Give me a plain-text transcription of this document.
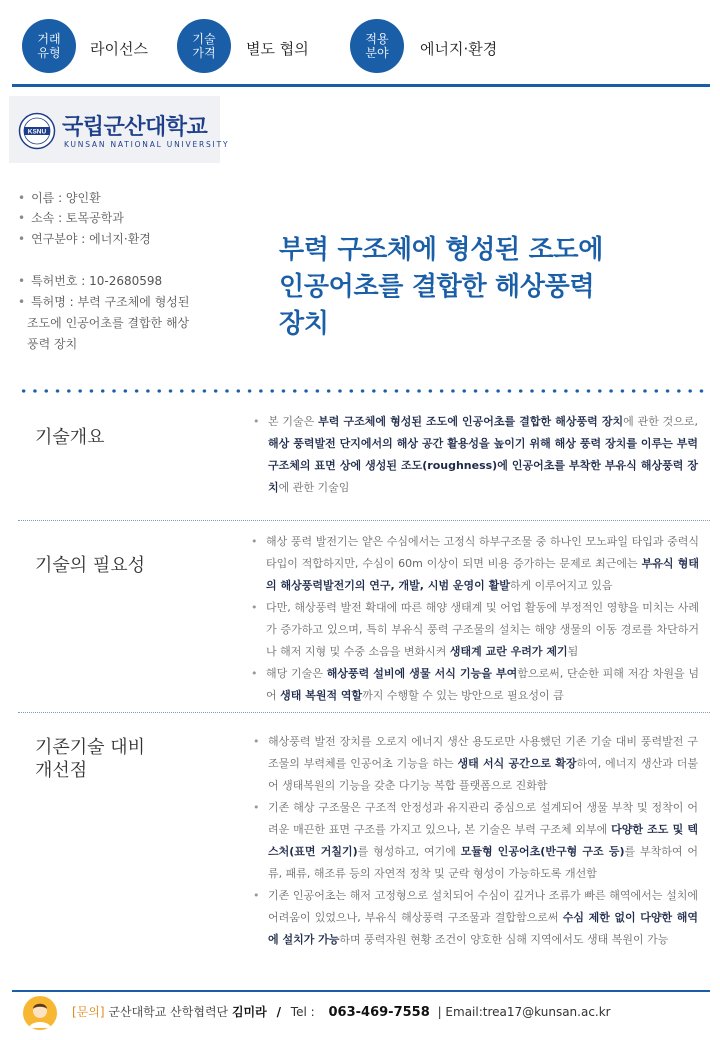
거래
유형	라이선스
기술
가격	별도 협의
적용
분야	에너지·환경
KSNU 국립군산대학교
KUNSAN NATIONAL UNIVERSITY
• 이름 : 양인환
• 소속 : 토목공학과
• 연구분야 : 에너지·환경
• 특허번호 : 10-2680598
• 특허명 : 부력 구조체에 형성된
조도에 인공어초를 결합한 해상
풍력 장치
부력 구조체에 형성된 조도에
인공어초를 결합한 해상풍력
장치
기술개요
• 본 기술은 부력 구조체에 형성된 조도에 인공어초를 결합한 해상풍력 장치에 관한 것으로, 해상 풍력발전 단지에서의 해상 공간 활용성을 높이기 위해 해상 풍력 장치를 이루는 부력 구조체의 표면 상에 생성된 조도(roughness)에 인공어초를 부착한 부유식 해상풍력 장치에 관한 기술임
기술의 필요성
• 해상 풍력 발전기는 얕은 수심에서는 고정식 하부구조물 중 하나인 모노파일 타입과 중력식 타입이 적합하지만, 수심이 60m 이상이 되면 비용 증가하는 문제로 최근에는 부유식 형태의 해상풍력발전기의 연구, 개발, 시범 운영이 활발하게 이루어지고 있음
• 다만, 해상풍력 발전 확대에 따른 해양 생태계 및 어업 활동에 부정적인 영향을 미치는 사례가 증가하고 있으며, 특히 부유식 풍력 구조물의 설치는 해양 생물의 이동 경로를 차단하거나 해저 지형 및 수중 소음을 변화시켜 생태계 교란 우려가 제기됨
• 해당 기술은 해상풍력 설비에 생물 서식 기능을 부여함으로써, 단순한 피해 저감 차원을 넘어 생태 복원적 역할까지 수행할 수 있는 방안으로 필요성이 큼
기존기술 대비
개선점
• 해상풍력 발전 장치를 오로지 에너지 생산 용도로만 사용했던 기존 기술 대비 풍력발전 구조물의 부력체를 인공어초 기능을 하는 생태 서식 공간으로 확장하여, 에너지 생산과 더불어 생태복원의 기능을 갖춘 다기능 복합 플랫폼으로 진화함
• 기존 해상 구조물은 구조적 안정성과 유지관리 중심으로 설계되어 생물 부착 및 정착이 어려운 매끈한 표면 구조를 가지고 있으나, 본 기술은 부력 구조체 외부에 다양한 조도 및 텍스처(표면 거칠기)를 형성하고, 여기에 모듈형 인공어초(반구형 구조 등)를 부착하여 어류, 패류, 해조류 등의 자연적 정착 및 군락 형성이 가능하도록 개선함
• 기존 인공어초는 해저 고정형으로 설치되어 수심이 깊거나 조류가 빠른 해역에서는 설치에 어려움이 있었으나, 부유식 해상풍력 구조물과 결합함으로써 수심 제한 없이 다양한 해역에 설치가 가능하며 풍력자원 현황 조건이 양호한 심해 지역에서도 생태 복원이 가능
[문의] 군산대학교 산학협력단 김미라 / Tel : 063-469-7558 | Email:trea17@kunsan.ac.kr
